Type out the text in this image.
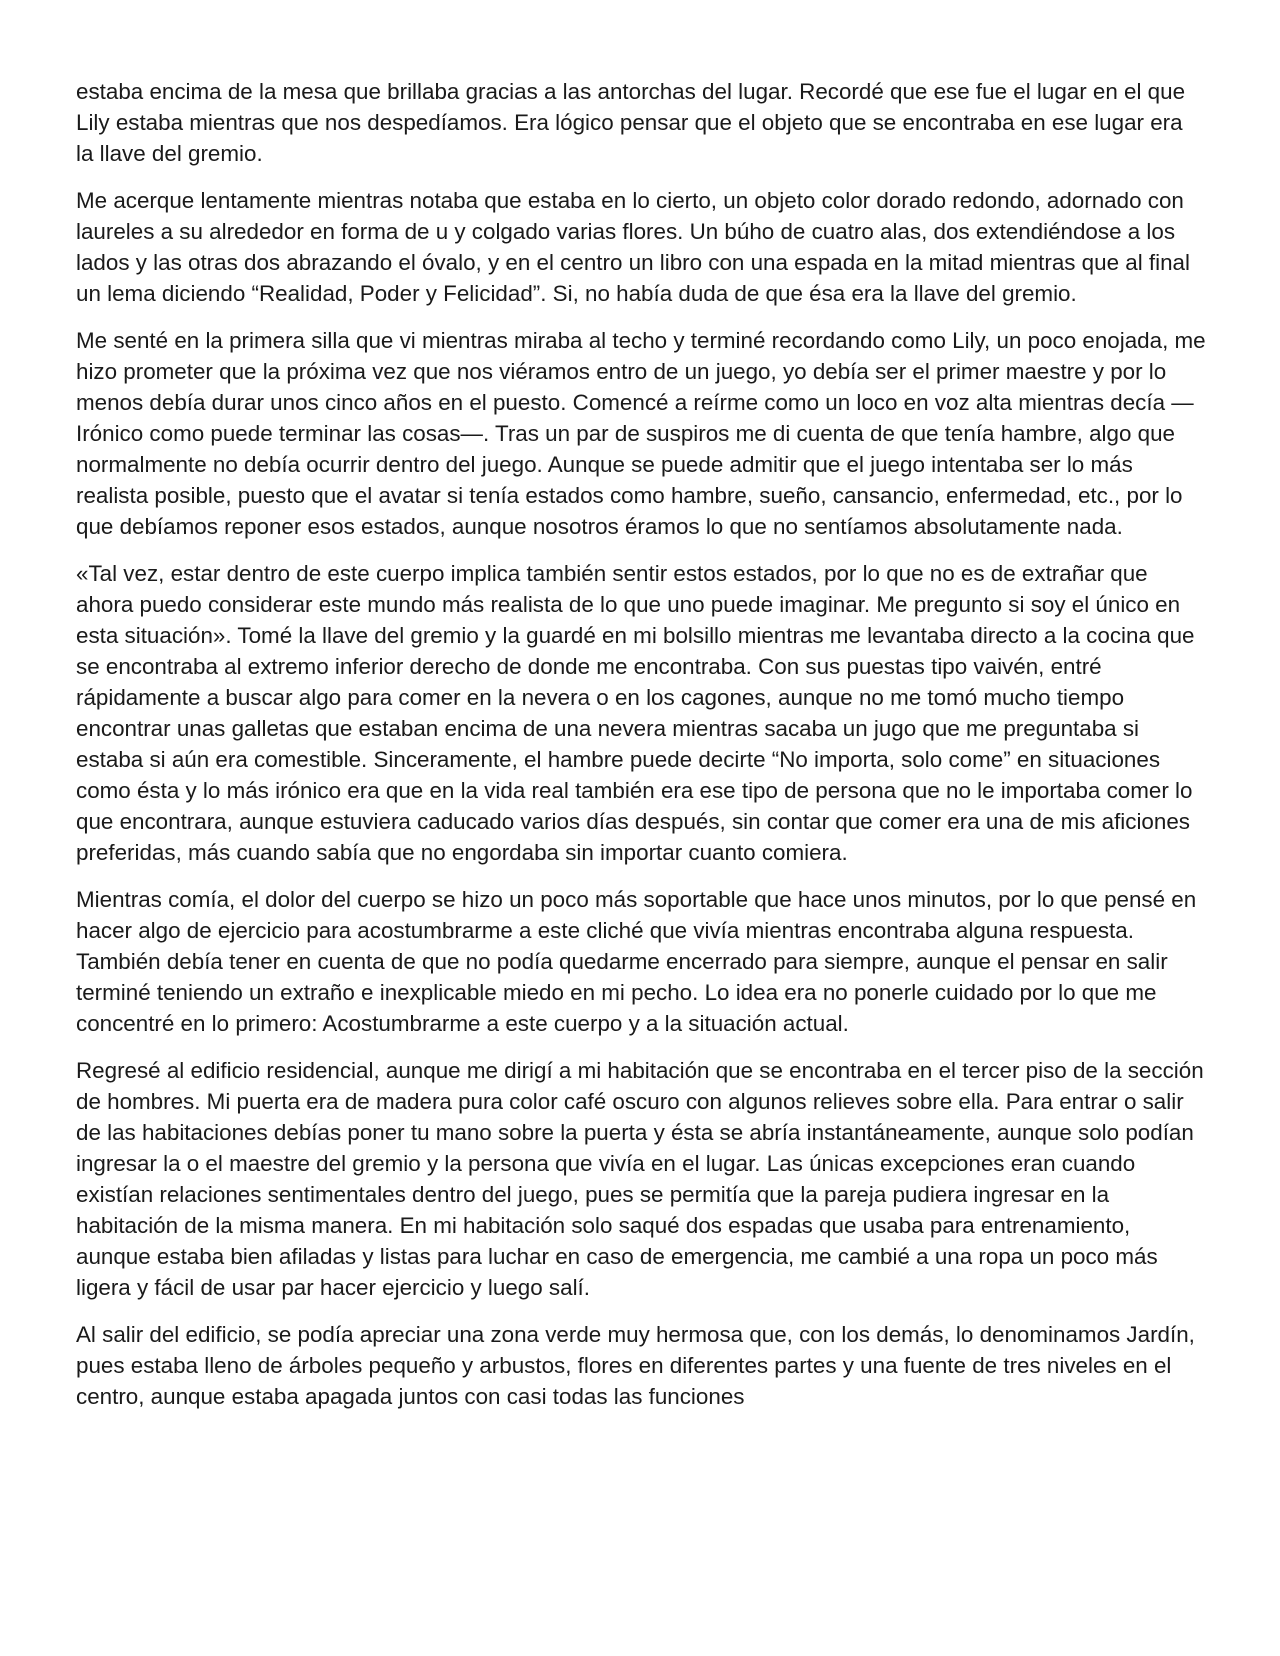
estaba encima de la mesa que brillaba gracias a las antorchas del lugar. Recordé que ese fue el lugar en el que Lily estaba mientras que nos despedíamos. Era lógico pensar que el objeto que se encontraba en ese lugar era la llave del gremio.

Me acerque lentamente mientras notaba que estaba en lo cierto, un objeto color dorado redondo, adornado con laureles a su alrededor en forma de u y colgado varias flores. Un búho de cuatro alas, dos extendiéndose a los lados y las otras dos abrazando el óvalo, y en el centro un libro con una espada en la mitad mientras que al final un lema diciendo “Realidad, Poder y Felicidad”. Si, no había duda de que ésa era la llave del gremio.

Me senté en la primera silla que vi mientras miraba al techo y terminé recordando como Lily, un poco enojada, me hizo prometer que la próxima vez que nos viéramos entro de un juego, yo debía ser el primer maestre y por lo menos debía durar unos cinco años en el puesto. Comencé a reírme como un loco en voz alta mientras decía —Irónico como puede terminar las cosas—. Tras un par de suspiros me di cuenta de que tenía hambre, algo que normalmente no debía ocurrir dentro del juego. Aunque se puede admitir que el juego intentaba ser lo más realista posible, puesto que el avatar si tenía estados como hambre, sueño, cansancio, enfermedad, etc., por lo que debíamos reponer esos estados, aunque nosotros éramos lo que no sentíamos absolutamente nada.

«Tal vez, estar dentro de este cuerpo implica también sentir estos estados, por lo que no es de extrañar que ahora puedo considerar este mundo más realista de lo que uno puede imaginar. Me pregunto si soy el único en esta situación». Tomé la llave del gremio y la guardé en mi bolsillo mientras me levantaba directo a la cocina que se encontraba al extremo inferior derecho de donde me encontraba. Con sus puestas tipo vaivén, entré rápidamente a buscar algo para comer en la nevera o en los cagones, aunque no me tomó mucho tiempo encontrar unas galletas que estaban encima de una nevera mientras sacaba un jugo que me preguntaba si estaba si aún era comestible. Sinceramente, el hambre puede decirte “No importa, solo come” en situaciones como ésta y lo más irónico era que en la vida real también era ese tipo de persona que no le importaba comer lo que encontrara, aunque estuviera caducado varios días después, sin contar que comer era una de mis aficiones preferidas, más cuando sabía que no engordaba sin importar cuanto comiera.

Mientras comía, el dolor del cuerpo se hizo un poco más soportable que hace unos minutos, por lo que pensé en hacer algo de ejercicio para acostumbrarme a este cliché que vivía mientras encontraba alguna respuesta. También debía tener en cuenta de que no podía quedarme encerrado para siempre, aunque el pensar en salir terminé teniendo un extraño e inexplicable miedo en mi pecho. Lo idea era no ponerle cuidado por lo que me concentré en lo primero: Acostumbrarme a este cuerpo y a la situación actual.

Regresé al edificio residencial, aunque me dirigí a mi habitación que se encontraba en el tercer piso de la sección de hombres. Mi puerta era de madera pura color café oscuro con algunos relieves sobre ella. Para entrar o salir de las habitaciones debías poner tu mano sobre la puerta y ésta se abría instantáneamente, aunque solo podían ingresar la o el maestre del gremio y la persona que vivía en el lugar. Las únicas excepciones eran cuando existían relaciones sentimentales dentro del juego, pues se permitía que la pareja pudiera ingresar en la habitación de la misma manera. En mi habitación solo saqué dos espadas que usaba para entrenamiento, aunque estaba bien afiladas y listas para luchar en caso de emergencia, me cambié a una ropa un poco más ligera y fácil de usar par hacer ejercicio y luego salí.

Al salir del edificio, se podía apreciar una zona verde muy hermosa que, con los demás, lo denominamos Jardín, pues estaba lleno de árboles pequeño y arbustos, flores en diferentes partes y una fuente de tres niveles en el centro, aunque estaba apagada juntos con casi todas las funciones
